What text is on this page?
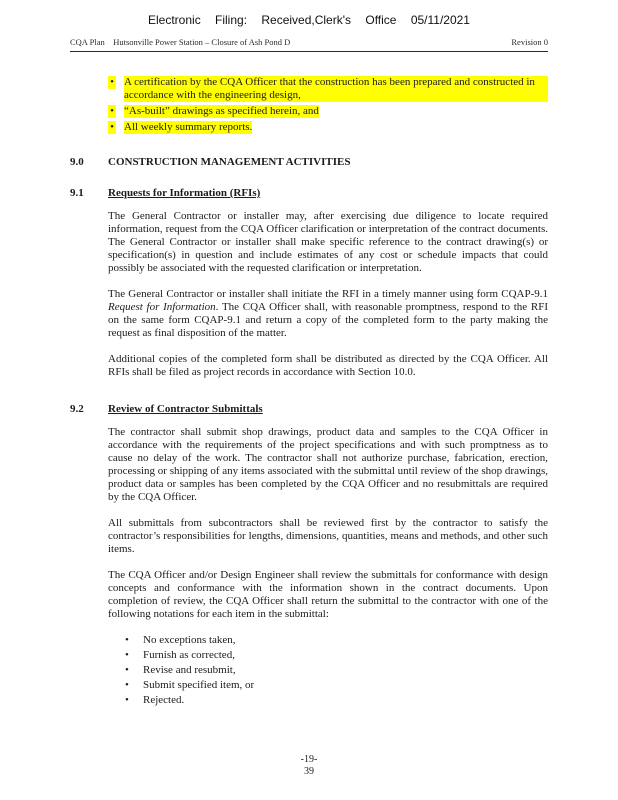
Electronic Filing: Received,Clerk's Office 05/11/2021
CQA Plan    Hutsonville Power Station – Closure of Ash Pond D	Revision 0
• A certification by the CQA Officer that the construction has been prepared and constructed in accordance with the engineering design,
• “As-built” drawings as specified herein, and
• All weekly summary reports.
9.0	CONSTRUCTION MANAGEMENT ACTIVITIES
9.1	Requests for Information (RFIs)

The General Contractor or installer may, after exercising due diligence to locate required information, request from the CQA Officer clarification or interpretation of the contract documents. The General Contractor or installer shall make specific reference to the contract drawing(s) or specification(s) in question and include estimates of any cost or schedule impacts that could possibly be associated with the requested clarification or interpretation.

The General Contractor or installer shall initiate the RFI in a timely manner using form CQAP-9.1 Request for Information. The CQA Officer shall, with reasonable promptness, respond to the RFI on the same form CQAP-9.1 and return a copy of the completed form to the party making the request as final disposition of the matter.

Additional copies of the completed form shall be distributed as directed by the CQA Officer. All RFIs shall be filed as project records in accordance with Section 10.0.

9.2	Review of Contractor Submittals

The contractor shall submit shop drawings, product data and samples to the CQA Officer in accordance with the requirements of the project specifications and with such promptness as to cause no delay of the work. The contractor shall not authorize purchase, fabrication, erection, processing or shipping of any items associated with the submittal until review of the shop drawings, product data or samples has been completed by the CQA Officer and no resubmittals are required by the CQA Officer.

All submittals from subcontractors shall be reviewed first by the contractor to satisfy the contractor’s responsibilities for lengths, dimensions, quantities, means and methods, and other such items.

The CQA Officer and/or Design Engineer shall review the submittals for conformance with design concepts and conformance with the information shown in the contract documents. Upon completion of review, the CQA Officer shall return the submittal to the contractor with one of the following notations for each item in the submittal:

•	No exceptions taken,
•	Furnish as corrected,
•	Revise and resubmit,
•	Submit specified item, or
•	Rejected.
-19-
39
